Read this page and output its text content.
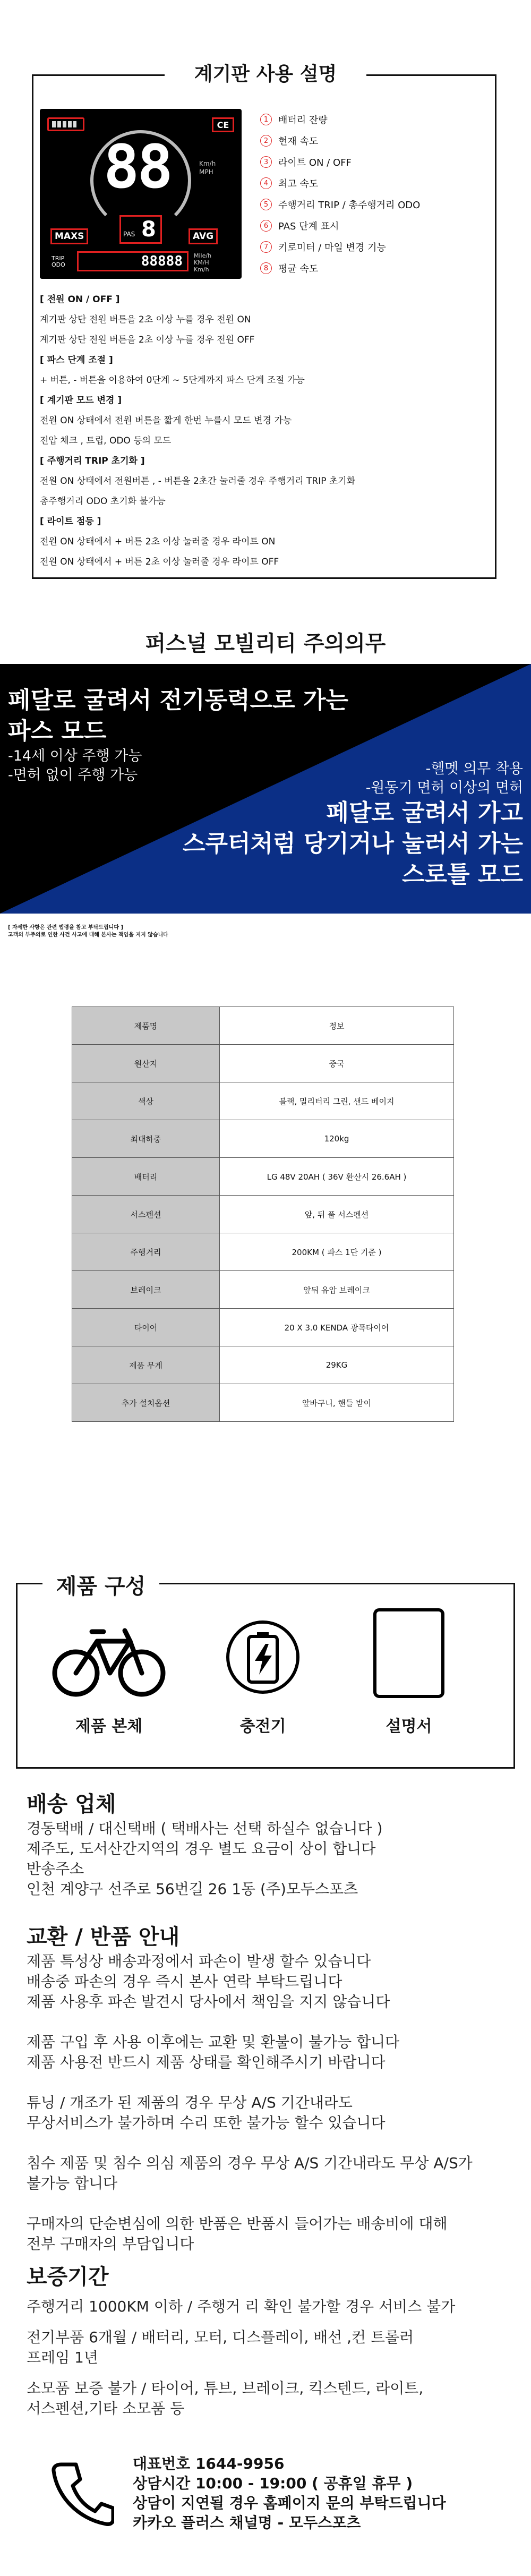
계기판 사용 설명
CE
88	Km/h
MPH
MAXS	PAS 8	AVG
TRIP
ODO	88888	Mile/h
KM/H
Km/h
1	배터리 잔량
2	현재 속도
3	라이트 ON / OFF
4	최고 속도
5	주행거리 TRIP / 총주행거리 ODO
6	PAS 단계 표시
7	키로미터 / 마일 변경 기능
8	평균 속도
[ 전원 ON / OFF ]
계기판 상단 전원 버튼을 2초 이상 누를 경우 전원 ON
계기판 상단 전원 버튼을 2초 이상 누를 경우 전원 OFF
[ 파스 단계 조절 ]
+ 버튼, - 버튼을 이용하여 0단계 ~ 5단계까지 파스 단계 조절 가능
[ 계기판 모드 변경 ]
전원 ON 상태에서 전원 버튼을 짧게 한번 누를시 모드 변경 가능
전압 체크 , 트립, ODO 등의 모드
[ 주행거리 TRIP 초기화 ]
전원 ON 상태에서 전원버튼 , - 버튼을 2초간 눌러줄 경우 주행거리 TRIP 초기화
총주행거리 ODO 초기화 불가능
[ 라이트 점등 ]
전원 ON 상태에서 + 버튼 2초 이상 눌러줄 경우 라이트 ON
전원 ON 상태에서 + 버튼 2초 이상 눌러줄 경우 라이트 OFF
퍼스널 모빌리티 주의의무
페달로 굴려서 전기동력으로 가는
파스 모드
-14세 이상 주행 가능
-면허 없이 주행 가능	-헬멧 의무 착용
-원동기 면허 이상의 면허
페달로 굴려서 가고
스쿠터처럼 당기거나 눌러서 가는
스로틀 모드
[ 자세한 사항은 관련 법령을 참고 부탁드립니다 ]
고객의 부주의로 인한 사건 사고에 대해 본사는 책임을 지지 않습니다
제품명	정보
원산지	중국
색상	블랙, 밀리터리 그린, 샌드 베이지
최대하중	120kg
배터리	LG 48V 20AH ( 36V 환산시 26.6AH )
서스펜션	앞, 뒤 풀 서스펜션
주행거리	200KM ( 파스 1단 기준 )
브레이크	앞뒤 유압 브레이크
타이어	20 X 3.0 KENDA 광폭타이어
제품 무게	29KG
추가 설치옵션	앞바구니, 핸들 받이
제품 구성
제품 본체	충전기	설명서
배송 업체
경동택배 / 대신택배 ( 택배사는 선택 하실수 없습니다 )
제주도, 도서산간지역의 경우 별도 요금이 상이 합니다
반송주소
인천 계양구 선주로 56번길 26 1동 (주)모두스포츠
교환 / 반품 안내
제품 특성상 배송과정에서 파손이 발생 할수 있습니다
배송중 파손의 경우 즉시 본사 연락 부탁드립니다
제품 사용후 파손 발견시 당사에서 책임을 지지 않습니다
제품 구입 후 사용 이후에는 교환 및 환불이 불가능 합니다
제품 사용전 반드시 제품 상태를 확인해주시기 바랍니다
튜닝 / 개조가 된 제품의 경우 무상 A/S 기간내라도
무상서비스가 불가하며 수리 또한 불가능 할수 있습니다
침수 제품 및 침수 의심 제품의 경우 무상 A/S 기간내라도 무상 A/S가
불가능 합니다
구매자의 단순변심에 의한 반품은 반품시 들어가는 배송비에 대해
전부 구매자의 부담입니다
보증기간
주행거리 1000KM 이하 / 주행거 리 확인 불가할 경우 서비스 불가
전기부품 6개월 / 배터리, 모터, 디스플레이, 배선 ,컨 트롤러
프레임 1년
소모품 보증 불가 / 타이어, 튜브, 브레이크, 킥스텐드, 라이트,
서스펜션,기타 소모품 등
대표번호 1644-9956
상담시간 10:00 - 19:00 ( 공휴일 휴무 )
상담이 지연될 경우 홈페이지 문의 부탁드립니다
카카오 플러스 채널명 - 모두스포츠
